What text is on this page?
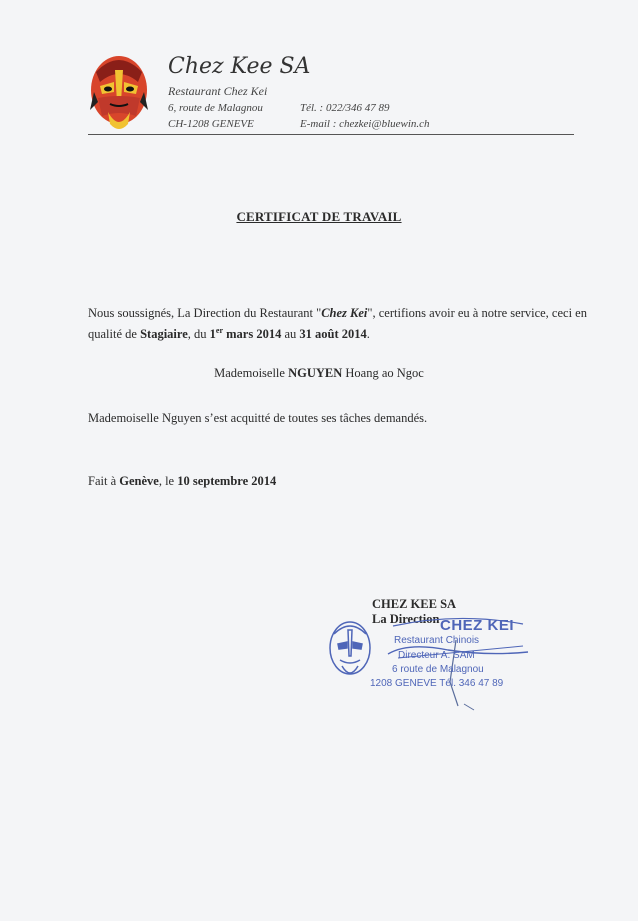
Chez Kee SA
Restaurant Chez Kei
6, route de Malagnou
CH-1208 GENEVE
Tél. : 022/346 47 89
E-mail : chezkei@bluewin.ch
CERTIFICAT DE TRAVAIL
Nous soussignés, La Direction du Restaurant "Chez Kei", certifions avoir eu à notre service, ceci en qualité de Stagiaire, du 1er mars 2014 au 31 août 2014.
Mademoiselle NGUYEN Hoang ao Ngoc
Mademoiselle Nguyen s’est acquitté de toutes ses tâches demandés.
Fait à Genève, le 10 septembre 2014
CHEZ KEE SA
La Direction CHEZ KEI
Restaurant Chinois
Directeur A. SAM
6 route de Malagnou
1208 GENEVE Tél. 346 47 89
